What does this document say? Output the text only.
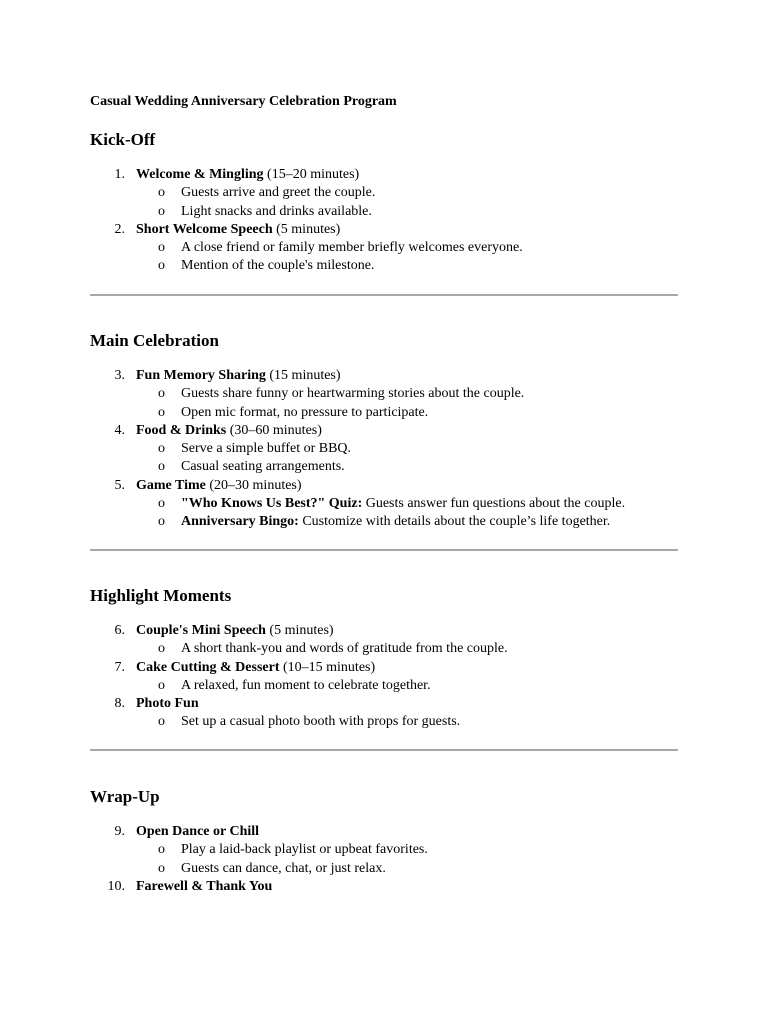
Casual Wedding Anniversary Celebration Program
Kick-Off
1. Welcome & Mingling (15–20 minutes)
o Guests arrive and greet the couple.
o Light snacks and drinks available.
2. Short Welcome Speech (5 minutes)
o A close friend or family member briefly welcomes everyone.
o Mention of the couple's milestone.
Main Celebration
3. Fun Memory Sharing (15 minutes)
o Guests share funny or heartwarming stories about the couple.
o Open mic format, no pressure to participate.
4. Food & Drinks (30–60 minutes)
o Serve a simple buffet or BBQ.
o Casual seating arrangements.
5. Game Time (20–30 minutes)
o "Who Knows Us Best?" Quiz: Guests answer fun questions about the couple.
o Anniversary Bingo: Customize with details about the couple’s life together.
Highlight Moments
6. Couple's Mini Speech (5 minutes)
o A short thank-you and words of gratitude from the couple.
7. Cake Cutting & Dessert (10–15 minutes)
o A relaxed, fun moment to celebrate together.
8. Photo Fun
o Set up a casual photo booth with props for guests.
Wrap-Up
9. Open Dance or Chill
o Play a laid-back playlist or upbeat favorites.
o Guests can dance, chat, or just relax.
10. Farewell & Thank You
